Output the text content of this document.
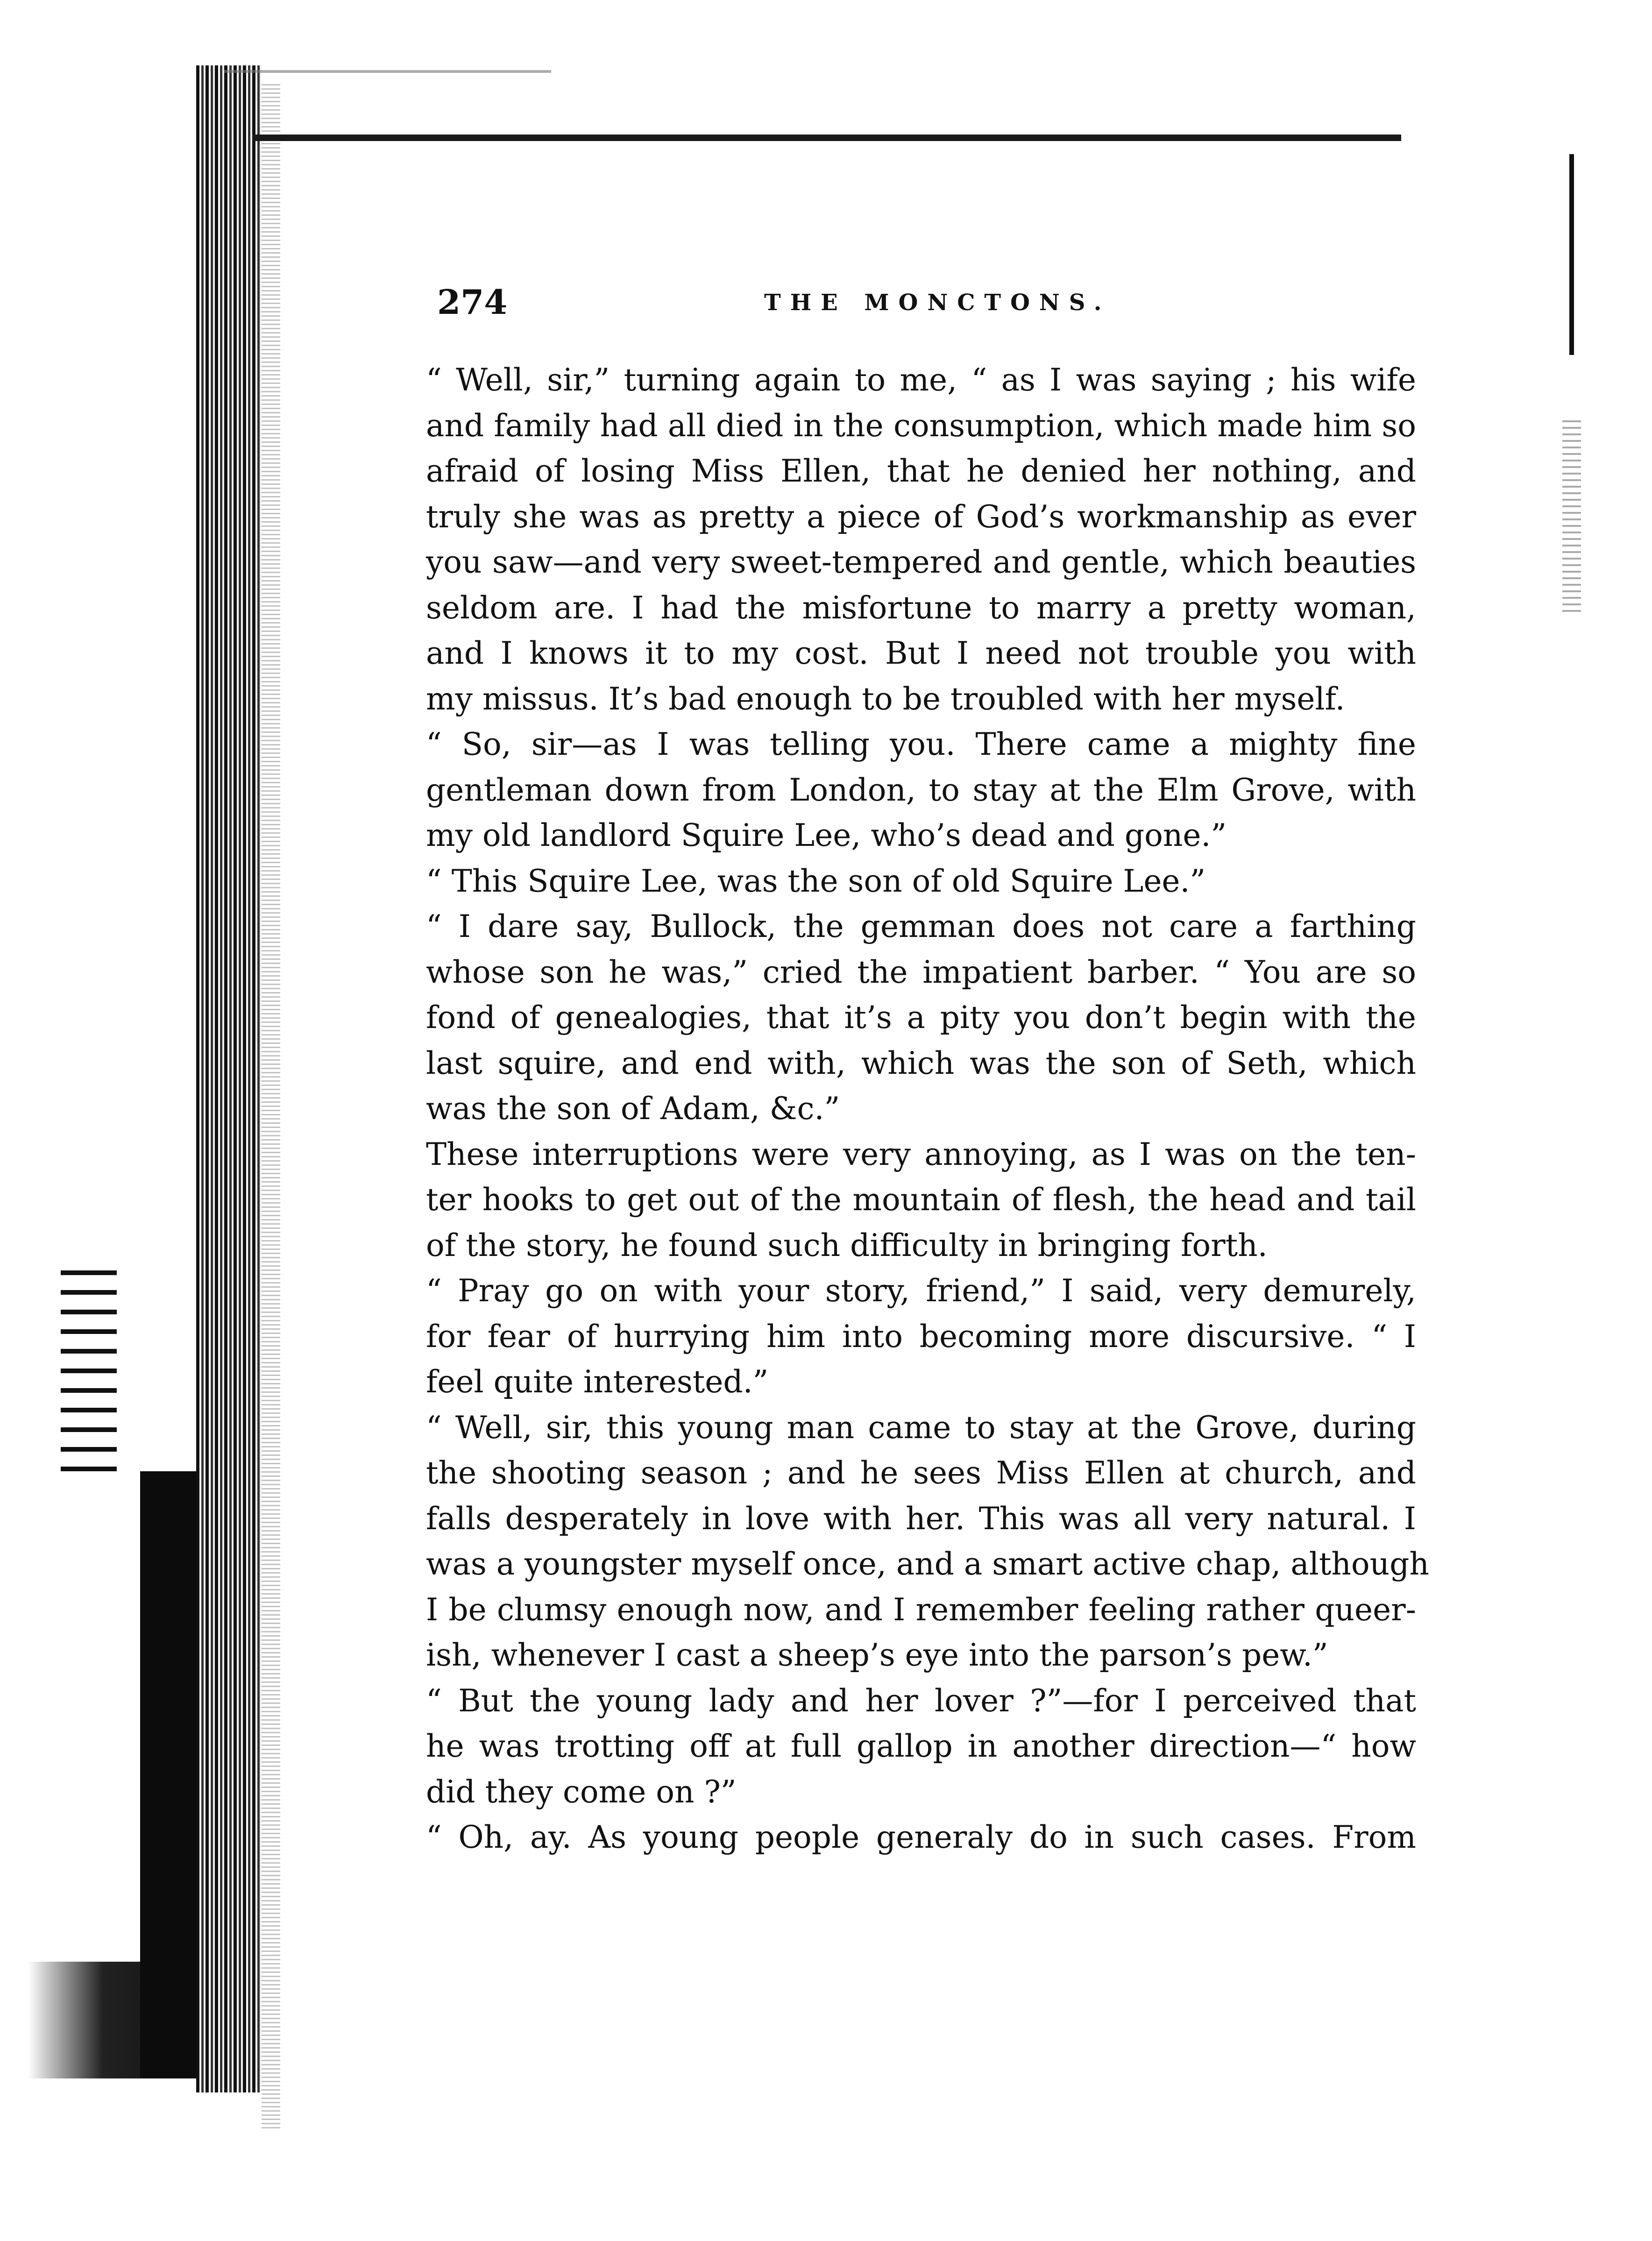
274	THE MONCTONS.
“ Well, sir,” turning again to me, “ as I was saying ; his wife
and family had all died in the consumption, which made him so
afraid of losing Miss Ellen, that he denied her nothing, and
truly she was as pretty a piece of God’s workmanship as ever
you saw—and very sweet-tempered and gentle, which beauties
seldom are. I had the misfortune to marry a pretty woman,
and I knows it to my cost. But I need not trouble you with
my missus. It’s bad enough to be troubled with her myself.
“ So, sir—as I was telling you. There came a mighty fine
gentleman down from London, to stay at the Elm Grove, with
my old landlord Squire Lee, who’s dead and gone.”
“ This Squire Lee, was the son of old Squire Lee.”
“ I dare say, Bullock, the gemman does not care a farthing
whose son he was,” cried the impatient barber. “ You are so
fond of genealogies, that it’s a pity you don’t begin with the
last squire, and end with, which was the son of Seth, which
was the son of Adam, &c.”
These interruptions were very annoying, as I was on the ten-
ter hooks to get out of the mountain of flesh, the head and tail
of the story, he found such difficulty in bringing forth.
“ Pray go on with your story, friend,” I said, very demurely,
for fear of hurrying him into becoming more discursive. “ I
feel quite interested.”
“ Well, sir, this young man came to stay at the Grove, during
the shooting season ; and he sees Miss Ellen at church, and
falls desperately in love with her. This was all very natural. I
was a youngster myself once, and a smart active chap, although
I be clumsy enough now, and I remember feeling rather queer-
ish, whenever I cast a sheep’s eye into the parson’s pew.”
“ But the young lady and her lover ?”—for I perceived that
he was trotting off at full gallop in another direction—“ how
did they come on ?”
“ Oh, ay. As young people generaly do in such cases. From
